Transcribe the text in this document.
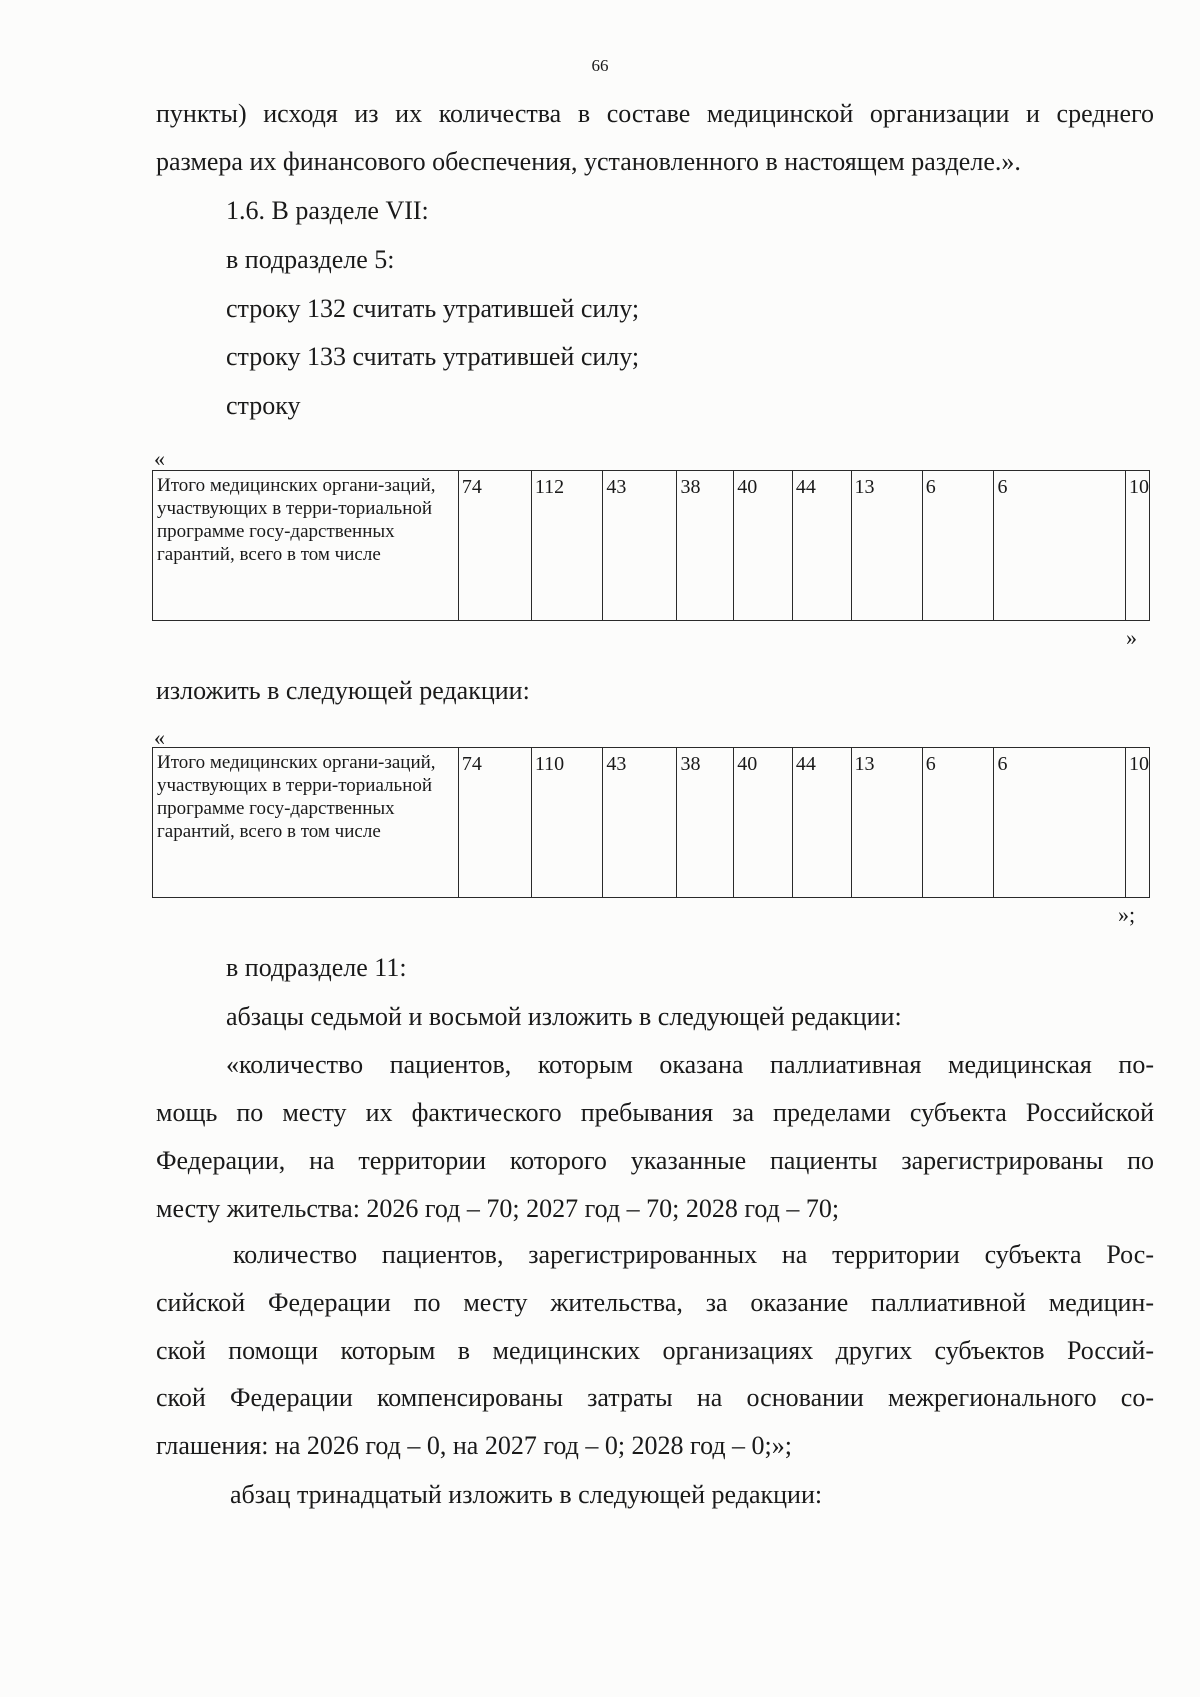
66
пункты) исходя из их количества в составе медицинской организации и среднего
размера их финансового обеспечения, установленного в настоящем разделе.».
1.6. В разделе VII:
в подразделе 5:
строку 132 считать утратившей силу;
строку 133 считать утратившей силу;
строку
«
Итого медицинских органи-заций, участвующих в терри-ториальной программе госу-дарственных гарантий, всего в том числе	74	112	43	38	40	44	13	6	6	10
»
изложить в следующей редакции:
«
Итого медицинских органи-заций, участвующих в терри-ториальной программе госу-дарственных гарантий, всего в том числе	74	110	43	38	40	44	13	6	6	10
»;
в подразделе 11:
абзацы седьмой и восьмой изложить в следующей редакции:
«количество пациентов, которым оказана паллиативная медицинская по-
мощь по месту их фактического пребывания за пределами субъекта Российской
Федерации, на территории которого указанные пациенты зарегистрированы по
месту жительства: 2026 год – 70; 2027 год – 70; 2028 год – 70;
количество пациентов, зарегистрированных на территории субъекта Рос-
сийской Федерации по месту жительства, за оказание паллиативной медицин-
ской помощи которым в медицинских организациях других субъектов Россий-
ской Федерации компенсированы затраты на основании межрегионального со-
глашения: на 2026 год – 0, на 2027 год – 0; 2028 год – 0;»;
абзац тринадцатый изложить в следующей редакции:
